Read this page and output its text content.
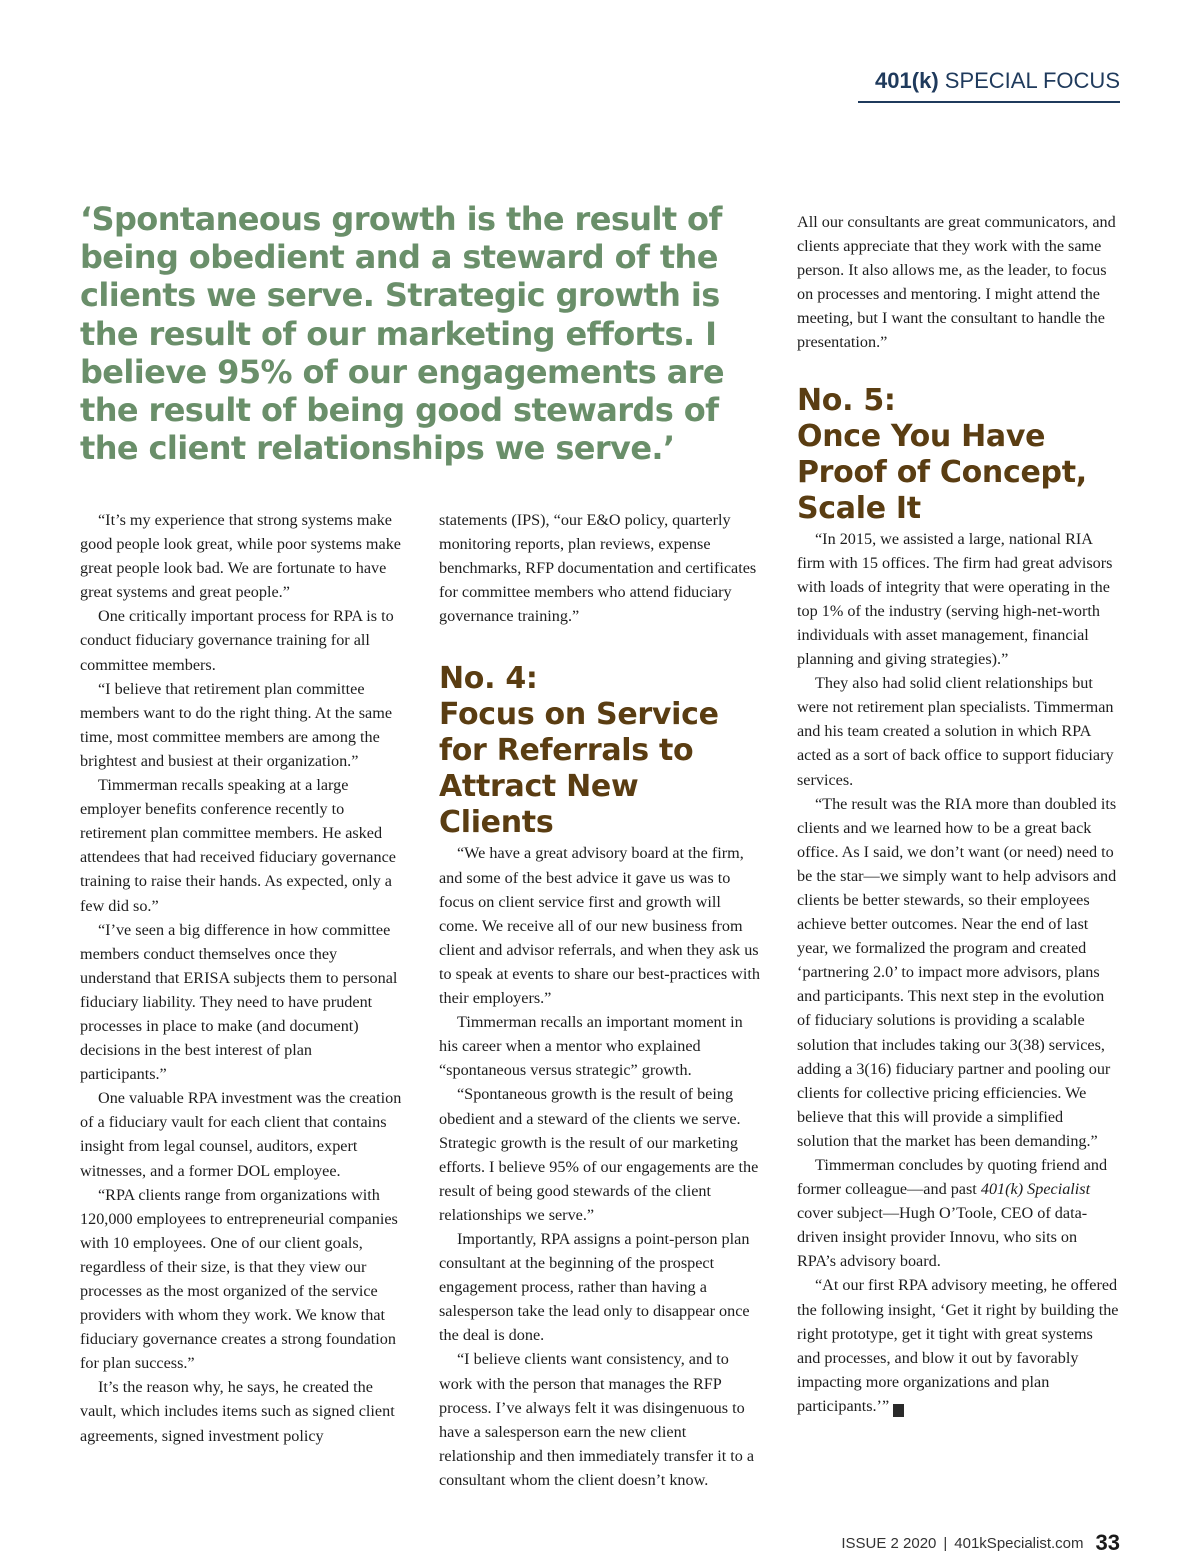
401(k) SPECIAL FOCUS

‘Spontaneous growth is the result of being obedient and a steward of the clients we serve. Strategic growth is the result of our marketing efforts. I believe 95% of our engagements are the result of being good stewards of the client relationships we serve.’

“It’s my experience that strong systems make good people look great, while poor systems make great people look bad. We are fortunate to have great systems and great people.”

One critically important process for RPA is to conduct fiduciary governance training for all committee members.

“I believe that retirement plan committee members want to do the right thing. At the same time, most committee members are among the brightest and busiest at their organization.”

Timmerman recalls speaking at a large employer benefits conference recently to retirement plan committee members. He asked attendees that had received fiduciary governance training to raise their hands. As expected, only a few did so.”

“I’ve seen a big difference in how committee members conduct themselves once they understand that ERISA subjects them to personal fiduciary liability. They need to have prudent processes in place to make (and document) decisions in the best interest of plan participants.”

One valuable RPA investment was the creation of a fiduciary vault for each client that contains insight from legal counsel, auditors, expert witnesses, and a former DOL employee.

“RPA clients range from organizations with 120,000 employees to entrepreneurial companies with 10 employees. One of our client goals, regardless of their size, is that they view our processes as the most organized of the service providers with whom they work. We know that fiduciary governance creates a strong foundation for plan success.”

It’s the reason why, he says, he created the vault, which includes items such as signed client agreements, signed investment policy

statements (IPS), “our E&O policy, quarterly monitoring reports, plan reviews, expense benchmarks, RFP documentation and certificates for committee members who attend fiduciary governance training.”

No. 4:
Focus on Service for Referrals to Attract New Clients

“We have a great advisory board at the firm, and some of the best advice it gave us was to focus on client service first and growth will come. We receive all of our new business from client and advisor referrals, and when they ask us to speak at events to share our best-practices with their employers.”

Timmerman recalls an important moment in his career when a mentor who explained “spontaneous versus strategic” growth.

“Spontaneous growth is the result of being obedient and a steward of the clients we serve. Strategic growth is the result of our marketing efforts. I believe 95% of our engagements are the result of being good stewards of the client relationships we serve.”

Importantly, RPA assigns a point-person plan consultant at the beginning of the prospect engagement process, rather than having a salesperson take the lead only to disappear once the deal is done.

“I believe clients want consistency, and to work with the person that manages the RFP process. I’ve always felt it was disingenuous to have a salesperson earn the new client relationship and then immediately transfer it to a consultant whom the client doesn’t know.

All our consultants are great communicators, and clients appreciate that they work with the same person. It also allows me, as the leader, to focus on processes and mentoring. I might attend the meeting, but I want the consultant to handle the presentation.”

No. 5:
Once You Have Proof of Concept, Scale It

“In 2015, we assisted a large, national RIA firm with 15 offices. The firm had great advisors with loads of integrity that were operating in the top 1% of the industry (serving high-net-worth individuals with asset management, financial planning and giving strategies).”

They also had solid client relationships but were not retirement plan specialists. Timmerman and his team created a solution in which RPA acted as a sort of back office to support fiduciary services.

“The result was the RIA more than doubled its clients and we learned how to be a great back office. As I said, we don’t want (or need) need to be the star—we simply want to help advisors and clients be better stewards, so their employees achieve better outcomes. Near the end of last year, we formalized the program and created ‘partnering 2.0’ to impact more advisors, plans and participants. This next step in the evolution of fiduciary solutions is providing a scalable solution that includes taking our 3(38) services, adding a 3(16) fiduciary partner and pooling our clients for collective pricing efficiencies. We believe that this will provide a simplified solution that the market has been demanding.”

Timmerman concludes by quoting friend and former colleague—and past 401(k) Specialist cover subject—Hugh O’Toole, CEO of data-driven insight provider Innovu, who sits on RPA’s advisory board.

“At our first RPA advisory meeting, he offered the following insight, ‘Get it right by building the right prototype, get it tight with great systems and processes, and blow it out by favorably impacting more organizations and plan participants.’” k

ISSUE 2 2020 | 401kSpecialist.com 33
